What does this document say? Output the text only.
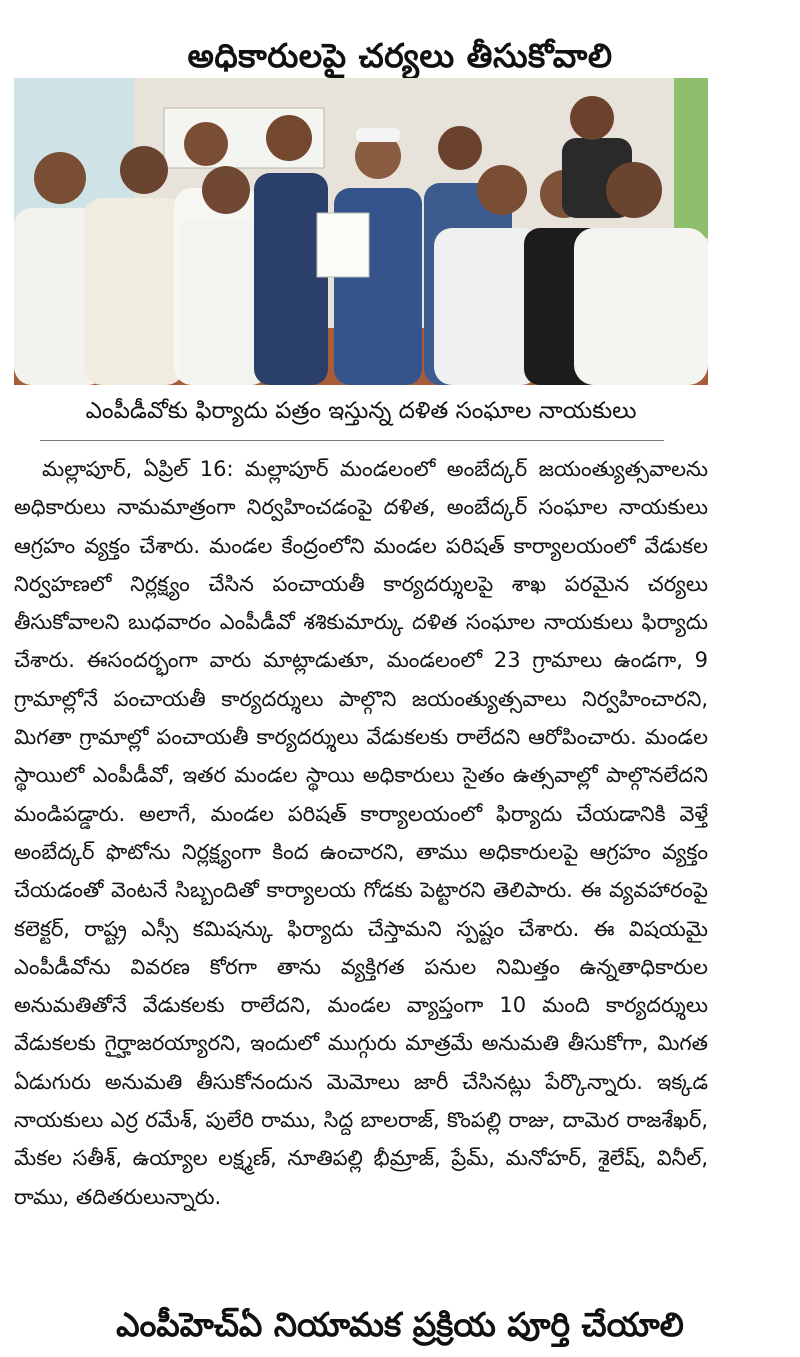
అధికారులపై చర్యలు తీసుకోవాలి
ఎంపీడీవోకు ఫిర్యాదు పత్రం ఇస్తున్న దళిత సంఘాల నాయకులు

మల్లాపూర్, ఏప్రిల్ 16: మల్లాపూర్ మండలంలో అంబేద్కర్ జయంత్యుత్సవాలను అధికారులు నామమాత్రంగా నిర్వహించడంపై దళిత, అంబేద్కర్ సంఘాల నాయకులు ఆగ్రహం వ్యక్తం చేశారు. మండల కేంద్రంలోని మండల పరిషత్ కార్యాలయంలో వేడుకల నిర్వహణలో నిర్లక్ష్యం చేసిన పంచాయతీ కార్యదర్శులపై శాఖ పరమైన చర్యలు తీసుకోవాలని బుధవారం ఎంపీడీవో శశికుమార్కు దళిత సంఘాల నాయకులు ఫిర్యాదు చేశారు. ఈసందర్భంగా వారు మాట్లాడుతూ, మండలంలో 23 గ్రామాలు ఉండగా, 9 గ్రామాల్లోనే పంచాయతీ కార్యదర్శులు పాల్గొని జయంత్యుత్సవాలు నిర్వహించారని, మిగతా గ్రామాల్లో పంచాయతీ కార్యదర్శులు వేడుకలకు రాలేదని ఆరోపించారు. మండల స్థాయిలో ఎంపీడీవో, ఇతర మండల స్థాయి అధికారులు సైతం ఉత్సవాల్లో పాల్గొనలేదని మండిపడ్డారు. అలాగే, మండల పరిషత్ కార్యాలయంలో ఫిర్యాదు చేయడానికి వెళ్తే అంబేద్కర్ ఫొటోను నిర్లక్ష్యంగా కింద ఉంచారని, తాము అధికారులపై ఆగ్రహం వ్యక్తం చేయడంతో వెంటనే సిబ్బందితో కార్యాలయ గోడకు పెట్టారని తెలిపారు. ఈ వ్యవహారంపై కలెక్టర్, రాష్ట్ర ఎస్సీ కమిషన్కు ఫిర్యాదు చేస్తామని స్పష్టం చేశారు. ఈ విషయమై ఎంపీడీవోను వివరణ కోరగా తాను వ్యక్తిగత పనుల నిమిత్తం ఉన్నతాధికారుల అనుమతితోనే వేడుకలకు రాలేదని, మండల వ్యాప్తంగా 10 మంది కార్యదర్శులు వేడుకలకు గైర్హాజరయ్యారని, ఇందులో ముగ్గురు మాత్రమే అనుమతి తీసుకోగా, మిగత ఏడుగురు అనుమతి తీసుకోనందున మెమోలు జారీ చేసినట్లు పేర్కొన్నారు. ఇక్కడ నాయకులు ఎర్ర రమేశ్, పులేరి రాము, సిద్ద బాలరాజ్, కొంపల్లి రాజు, దామెర రాజశేఖర్, మేకల సతీశ్, ఉయ్యాల లక్ష్మణ్, నూతిపల్లి భీమ్రాజ్, ప్రేమ్, మనోహర్, శైలేష్, వినీల్, రాము, తదితరులున్నారు.

ఎంపీహెచ్ఏ నియామక ప్రక్రియ పూర్తి చేయాలి
